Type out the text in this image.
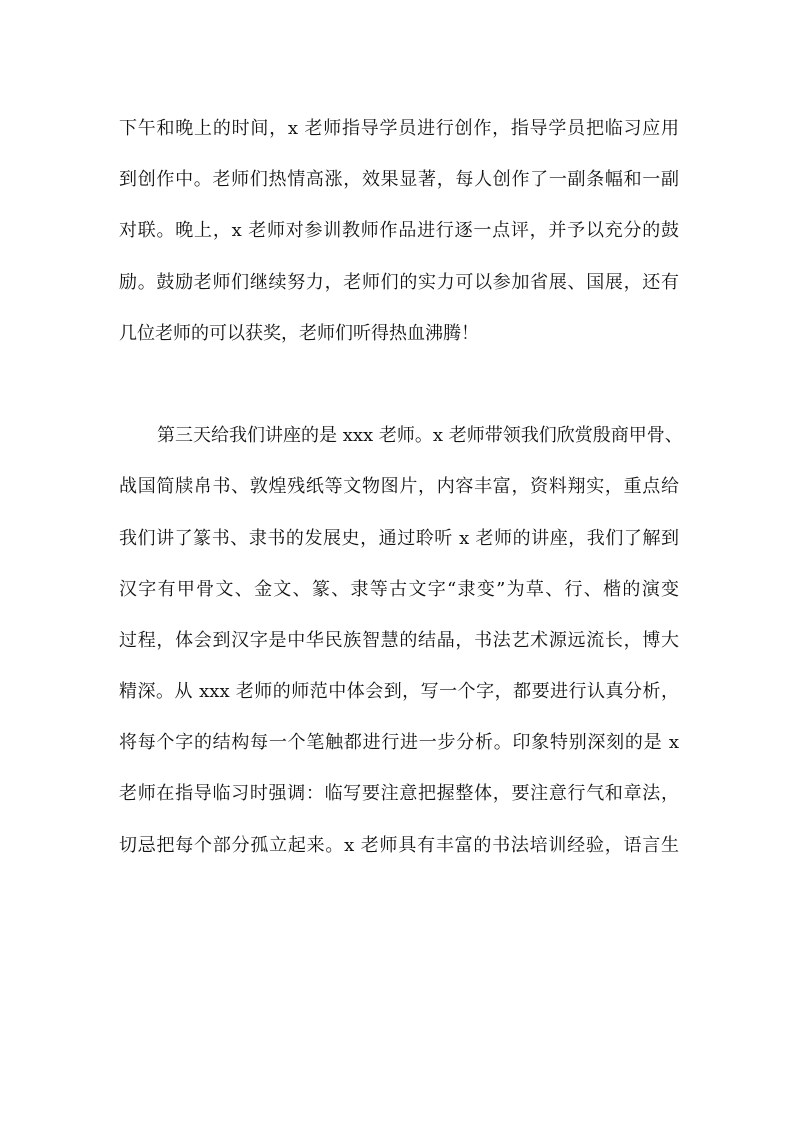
下午和晚上的时间，x 老师指导学员进行创作，指导学员把临习应用
到创作中。老师们热情高涨，效果显著，每人创作了一副条幅和一副
对联。晚上，x 老师对参训教师作品进行逐一点评，并予以充分的鼓
励。鼓励老师们继续努力，老师们的实力可以参加省展、国展，还有
几位老师的可以获奖，老师们听得热血沸腾！

第三天给我们讲座的是 xxx 老师。x 老师带领我们欣赏殷商甲骨、
战国简牍帛书、敦煌残纸等文物图片，内容丰富，资料翔实，重点给
我们讲了篆书、隶书的发展史，通过聆听 x 老师的讲座，我们了解到
汉字有甲骨文、金文、篆、隶等古文字“隶变”为草、行、楷的演变
过程，体会到汉字是中华民族智慧的结晶，书法艺术源远流长，博大
精深。从 xxx 老师的师范中体会到，写一个字，都要进行认真分析，
将每个字的结构每一个笔触都进行进一步分析。印象特别深刻的是 x
老师在指导临习时强调：临写要注意把握整体，要注意行气和章法，
切忌把每个部分孤立起来。x 老师具有丰富的书法培训经验，语言生
